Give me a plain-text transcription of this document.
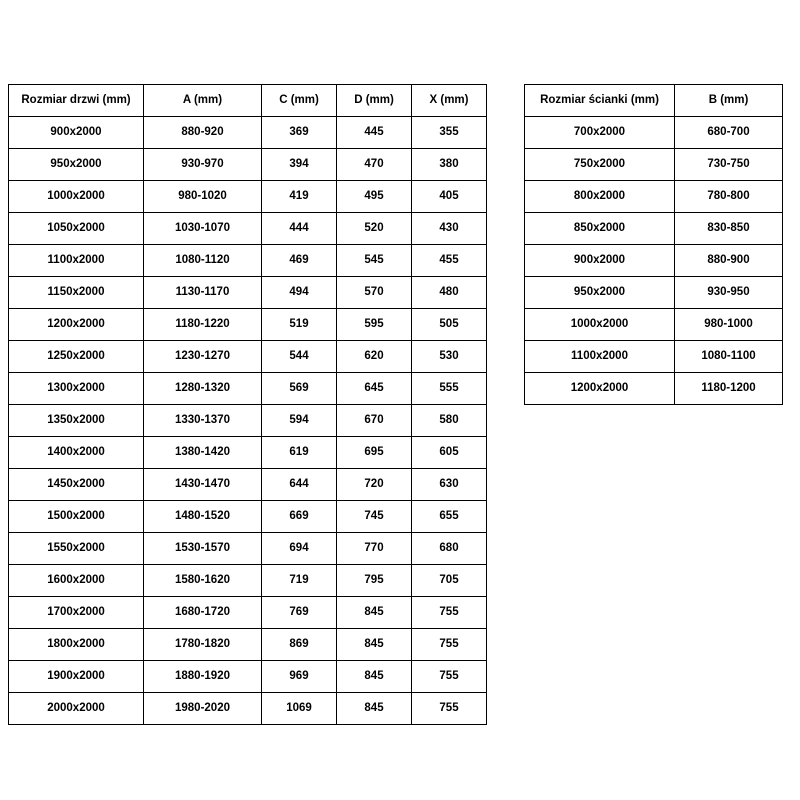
Rozmiar drzwi (mm)	A (mm)	C (mm)	D (mm)	X (mm)
900x2000	880-920	369	445	355
950x2000	930-970	394	470	380
1000x2000	980-1020	419	495	405
1050x2000	1030-1070	444	520	430
1100x2000	1080-1120	469	545	455
1150x2000	1130-1170	494	570	480
1200x2000	1180-1220	519	595	505
1250x2000	1230-1270	544	620	530
1300x2000	1280-1320	569	645	555
1350x2000	1330-1370	594	670	580
1400x2000	1380-1420	619	695	605
1450x2000	1430-1470	644	720	630
1500x2000	1480-1520	669	745	655
1550x2000	1530-1570	694	770	680
1600x2000	1580-1620	719	795	705
1700x2000	1680-1720	769	845	755
1800x2000	1780-1820	869	845	755
1900x2000	1880-1920	969	845	755
2000x2000	1980-2020	1069	845	755
Rozmiar ścianki (mm)	B (mm)
700x2000	680-700
750x2000	730-750
800x2000	780-800
850x2000	830-850
900x2000	880-900
950x2000	930-950
1000x2000	980-1000
1100x2000	1080-1100
1200x2000	1180-1200
